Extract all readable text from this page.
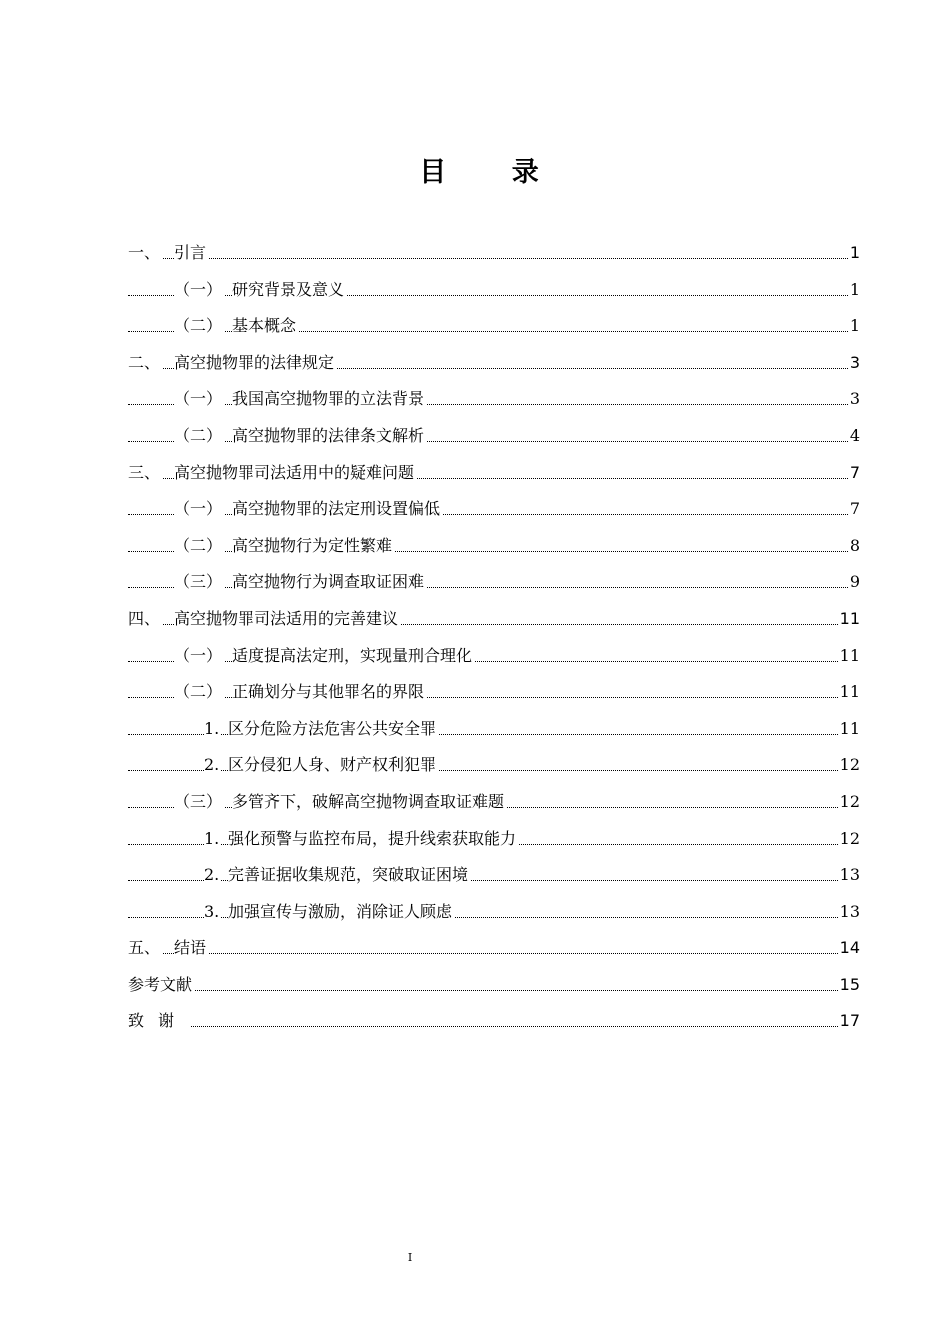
目 录
一、 引言	1
（一） 研究背景及意义	1
（二） 基本概念	1
二、 高空抛物罪的法律规定	3
（一） 我国高空抛物罪的立法背景	3
（二） 高空抛物罪的法律条文解析	4
三、 高空抛物罪司法适用中的疑难问题	7
（一） 高空抛物罪的法定刑设置偏低	7
（二） 高空抛物行为定性繁难	8
（三） 高空抛物行为调查取证困难	9
四、 高空抛物罪司法适用的完善建议	11
（一） 适度提高法定刑，实现量刑合理化	11
（二） 正确划分与其他罪名的界限	11
1. 区分危险方法危害公共安全罪	11
2. 区分侵犯人身、财产权利犯罪	12
（三） 多管齐下，破解高空抛物调查取证难题	12
1. 强化预警与监控布局，提升线索获取能力	12
2. 完善证据收集规范，突破取证困境	13
3. 加强宣传与激励，消除证人顾虑	13
五、 结语	14
参考文献	15
致谢	17
I
